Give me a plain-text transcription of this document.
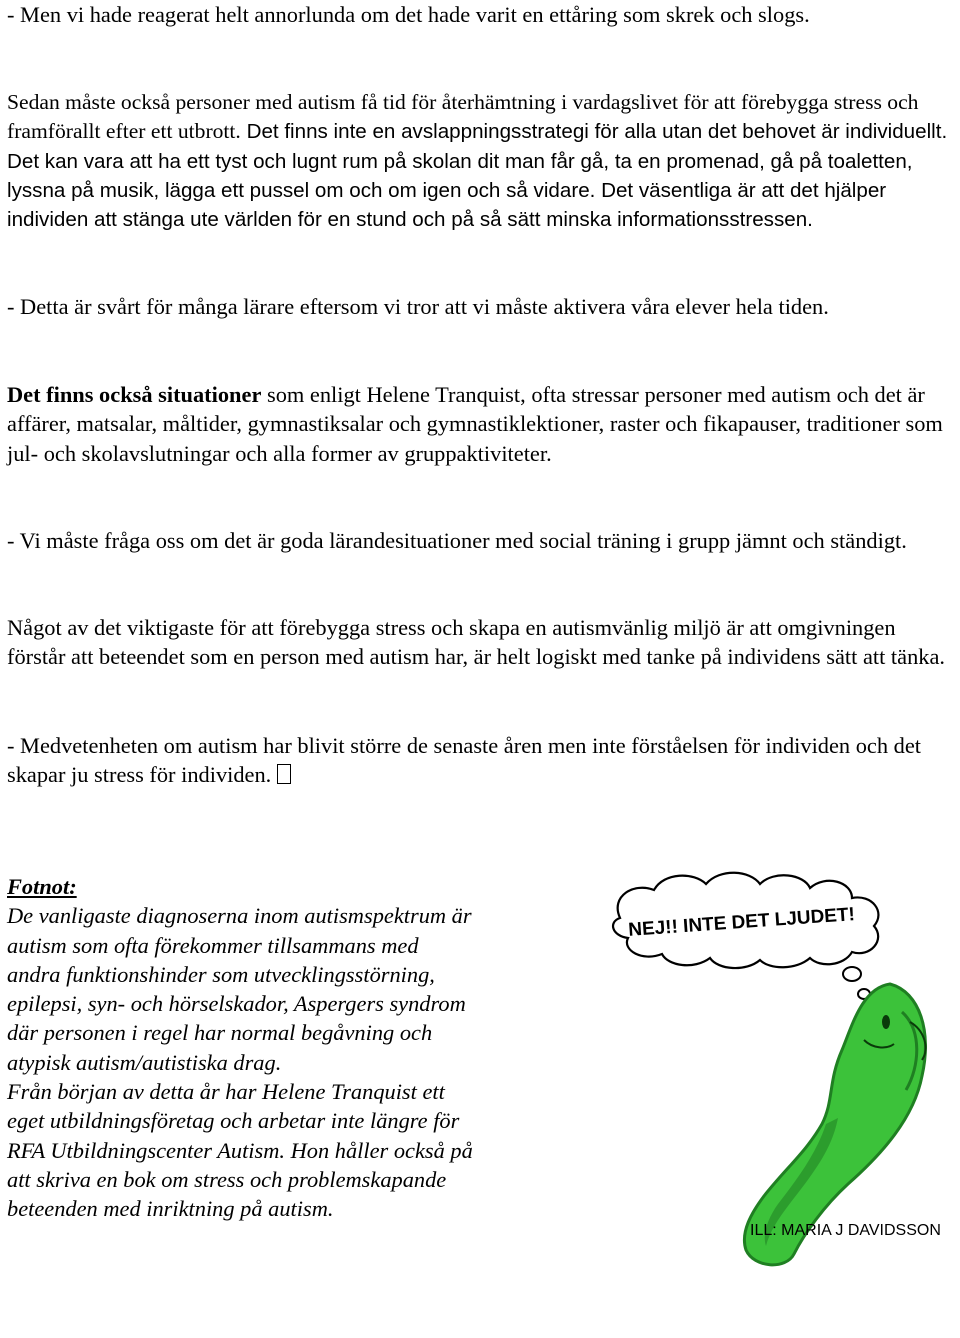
- Men vi hade reagerat helt annorlunda om det hade varit en ettåring som skrek och slogs.

Sedan måste också personer med autism få tid för återhämtning i vardagslivet för att förebygga stress och framförallt efter ett utbrott. Det finns inte en avslappningsstrategi för alla utan det behovet är individuellt. Det kan vara att ha ett tyst och lugnt rum på skolan dit man får gå, ta en promenad, gå på toaletten, lyssna på musik, lägga ett pussel om och om igen och så vidare. Det väsentliga är att det hjälper individen att stänga ute världen för en stund och på så sätt minska informationsstressen.

- Detta är svårt för många lärare eftersom vi tror att vi måste aktivera våra elever hela tiden.

Det finns också situationer som enligt Helene Tranquist, ofta stressar personer med autism och det är affärer, matsalar, måltider, gymnastiksalar och gymnastiklektioner, raster och fikapauser, traditioner som jul- och skolavslutningar och alla former av gruppaktiviteter.

- Vi måste fråga oss om det är goda lärandesituationer med social träning i grupp jämnt och ständigt.

Något av det viktigaste för att förebygga stress och skapa en autismvänlig miljö är att omgivningen förstår att beteendet som en person med autism har, är helt logiskt med tanke på individens sätt att tänka.

- Medvetenheten om autism har blivit större de senaste åren men inte förståelsen för individen och det skapar ju stress för individen.

Fotnot:
De vanligaste diagnoserna inom autismspektrum är autism som ofta förekommer tillsammans med andra funktionshinder som utvecklingsstörning, epilepsi, syn- och hörselskador, Aspergers syndrom där personen i regel har normal begåvning och atypisk autism/autistiska drag.
Från början av detta år har Helene Tranquist ett eget utbildningsföretag och arbetar inte längre för RFA Utbildningscenter Autism. Hon håller också på att skriva en bok om stress och problemskapande beteenden med inriktning på autism.
NEJ!! INTE DET LJUDET!
ILL: MARIA J DAVIDSSON
